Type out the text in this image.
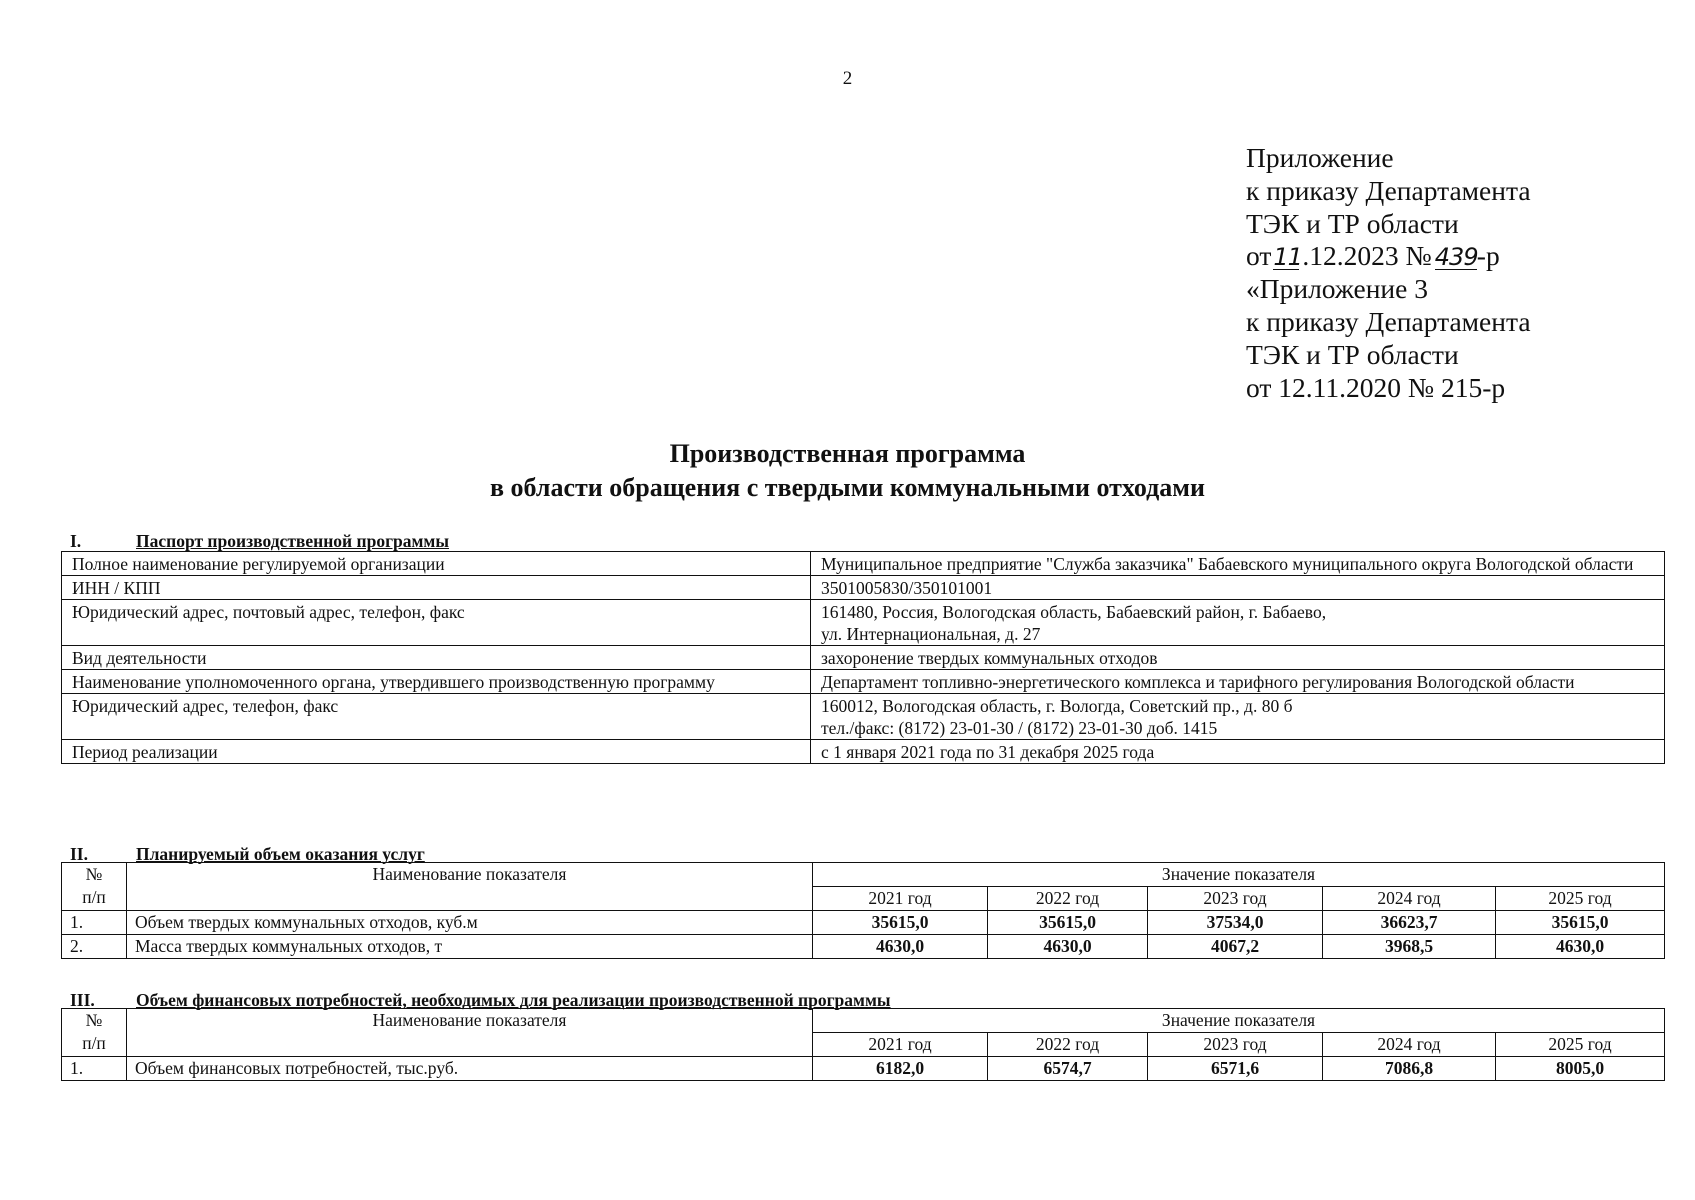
2
Приложение
к приказу Департамента
ТЭК и ТР области
от11.12.2023 № 439-р
«Приложение 3
к приказу Департамента
ТЭК и ТР области
от 12.11.2020 № 215-р
Производственная программа
в области обращения с твердыми коммунальными отходами
I.	Паспорт производственной программы
Полное наименование регулируемой организации	Муниципальное предприятие "Служба заказчика" Бабаевского муниципального округа Вологодской области
ИНН / КПП	3501005830/350101001
Юридический адрес, почтовый адрес, телефон, факс	161480, Россия, Вологодская область, Бабаевский район, г. Бабаево,
ул. Интернациональная, д. 27
Вид деятельности	захоронение твердых коммунальных отходов
Наименование уполномоченного органа, утвердившего производственную программу	Департамент топливно-энергетического комплекса и тарифного регулирования Вологодской области
Юридический адрес, телефон, факс	160012, Вологодская область, г. Вологда, Советский пр., д. 80 б
тел./факс: (8172) 23-01-30 / (8172) 23-01-30 доб. 1415
Период реализации	с 1 января 2021 года по 31 декабря 2025 года
II.	Планируемый объем оказания услуг
№
п/п	Наименование показателя	Значение показателя				
		2021 год	2022 год	2023 год	2024 год	2025 год
1.	Объем твердых коммунальных отходов, куб.м	35615,0	35615,0	37534,0	36623,7	35615,0
2.	Масса твердых коммунальных отходов, т	4630,0	4630,0	4067,2	3968,5	4630,0
III. Объем финансовых потребностей, необходимых для реализации производственной программы
№
п/п	Наименование показателя	Значение показателя				
		2021 год	2022 год	2023 год	2024 год	2025 год
1.	Объем финансовых потребностей, тыс.руб.	6182,0	6574,7	6571,6	7086,8	8005,0
